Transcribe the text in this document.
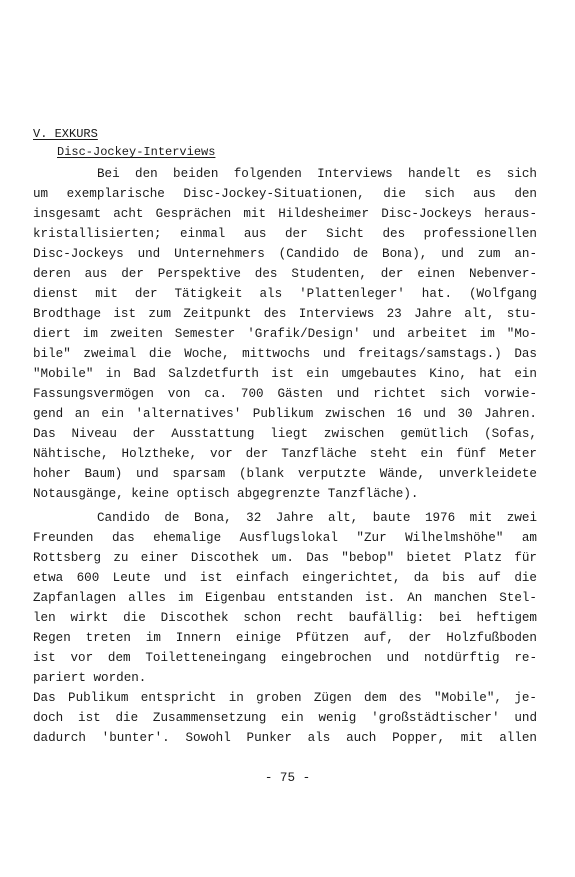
V. EXKURS
Disc-Jockey-Interviews
Bei den beiden folgenden Interviews handelt es sich
um exemplarische Disc-Jockey-Situationen, die sich aus den
insgesamt acht Gesprächen mit Hildesheimer Disc-Jockeys heraus-
kristallisierten; einmal aus der Sicht des professionellen
Disc-Jockeys und Unternehmers (Candido de Bona), und zum an-
deren aus der Perspektive des Studenten, der einen Nebenver-
dienst mit der Tätigkeit als 'Plattenleger' hat. (Wolfgang
Brodthage ist zum Zeitpunkt des Interviews 23 Jahre alt, stu-
diert im zweiten Semester 'Grafik/Design' und arbeitet im "Mo-
bile" zweimal die Woche, mittwochs und freitags/samstags.) Das
"Mobile" in Bad Salzdetfurth ist ein umgebautes Kino, hat ein
Fassungsvermögen von ca. 700 Gästen und richtet sich vorwie-
gend an ein 'alternatives' Publikum zwischen 16 und 30 Jahren.
Das Niveau der Ausstattung liegt zwischen gemütlich (Sofas,
Nähtische, Holztheke, vor der Tanzfläche steht ein fünf Meter
hoher Baum) und sparsam (blank verputzte Wände, unverkleidete
Notausgänge, keine optisch abgegrenzte Tanzfläche).
Candido de Bona, 32 Jahre alt, baute 1976 mit zwei
Freunden das ehemalige Ausflugslokal "Zur Wilhelmshöhe" am
Rottsberg zu einer Discothek um. Das "bebop" bietet Platz für
etwa 600 Leute und ist einfach eingerichtet, da bis auf die
Zapfanlagen alles im Eigenbau entstanden ist. An manchen Stel-
len wirkt die Discothek schon recht baufällig: bei heftigem
Regen treten im Innern einige Pfützen auf, der Holzfußboden
ist vor dem Toiletteneingang eingebrochen und notdürftig re-
pariert worden.
Das Publikum entspricht in groben Zügen dem des "Mobile", je-
doch ist die Zusammensetzung ein wenig 'großstädtischer' und
dadurch 'bunter'. Sowohl Punker als auch Popper, mit allen
- 75 -
